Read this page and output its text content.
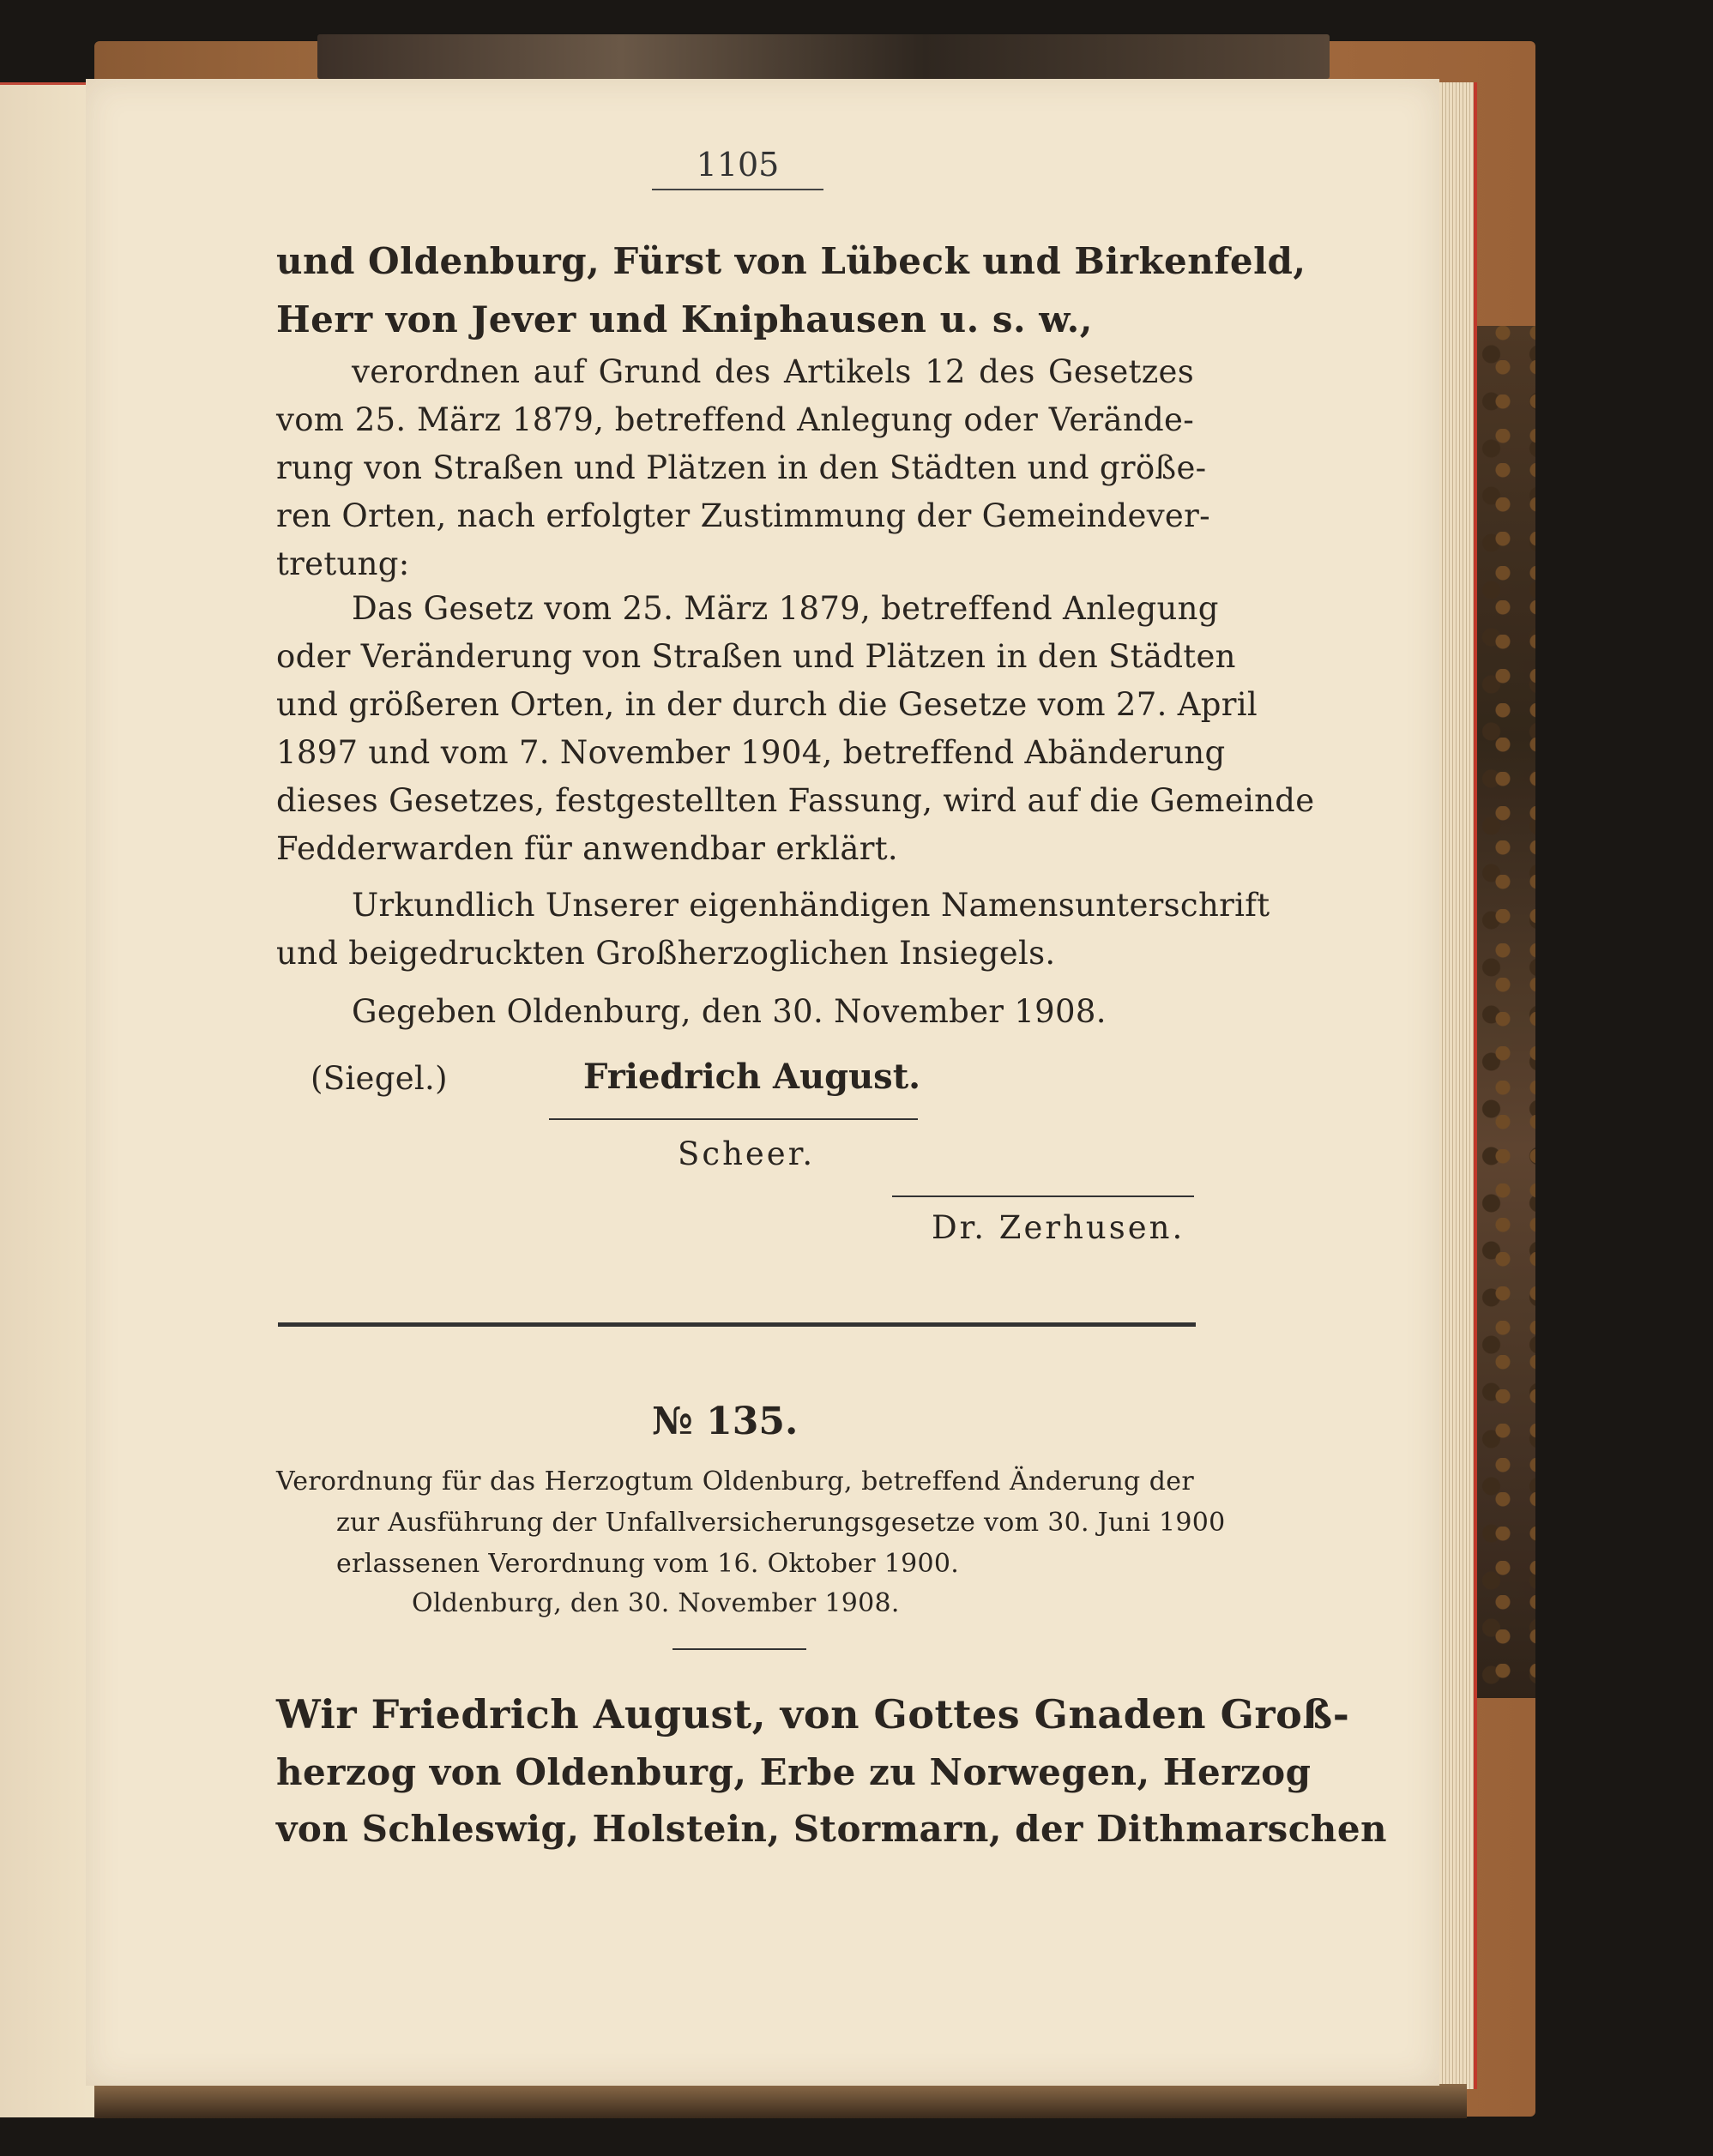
1105
und Oldenburg, Fürst von Lübeck und Birkenfeld,
Herr von Jever und Kniphausen u. s. w.,
verordnen auf Grund des Artikels 12 des Gesetzes
vom 25. März 1879, betreffend Anlegung oder Verände-
rung von Straßen und Plätzen in den Städten und größe-
ren Orten, nach erfolgter Zustimmung der Gemeindever-
tretung:
Das Gesetz vom 25. März 1879, betreffend Anlegung
oder Veränderung von Straßen und Plätzen in den Städten
und größeren Orten, in der durch die Gesetze vom 27. April
1897 und vom 7. November 1904, betreffend Abänderung
dieses Gesetzes, festgestellten Fassung, wird auf die Gemeinde
Fedderwarden für anwendbar erklärt.
Urkundlich Unserer eigenhändigen Namensunterschrift
und beigedruckten Großherzoglichen Insiegels.
Gegeben Oldenburg, den 30. November 1908.
(Siegel.)	Friedrich August.
Scheer.
Dr. Zerhusen.
№ 135.
Verordnung für das Herzogtum Oldenburg, betreffend Änderung der
zur Ausführung der Unfallversicherungsgesetze vom 30. Juni 1900
erlassenen Verordnung vom 16. Oktober 1900.
Oldenburg, den 30. November 1908.
Wir Friedrich August, von Gottes Gnaden Groß-
herzog von Oldenburg, Erbe zu Norwegen, Herzog
von Schleswig, Holstein, Stormarn, der Dithmarschen
